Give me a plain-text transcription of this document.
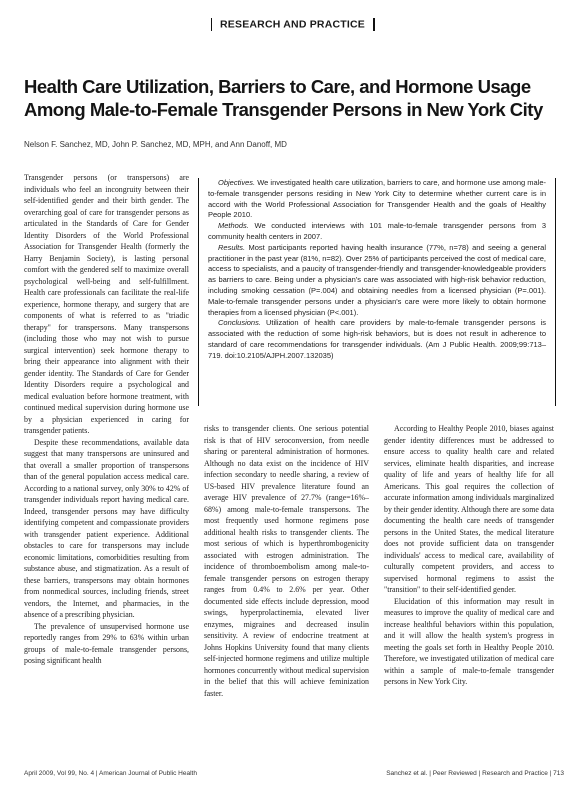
RESEARCH AND PRACTICE
Health Care Utilization, Barriers to Care, and Hormone Usage
Among Male-to-Female Transgender Persons in New York City
Nelson F. Sanchez, MD, John P. Sanchez, MD, MPH, and Ann Danoff, MD

Transgender persons (or transpersons) are individuals who feel an incongruity between their self-identified gender and their birth gender. The overarching goal of care for transgender persons as articulated in the Standards of Care for Gender Identity Disorders of the World Professional Association for Transgender Health (formerly the Harry Benjamin Society), is lasting personal comfort with the gendered self to maximize overall psychological well-being and self-fulfillment. Health care professionals can facilitate the real-life experience, hormone therapy, and surgery that are components of what is referred to as "triadic therapy" for transpersons. Many transpersons (including those who may not wish to pursue surgical intervention) seek hormone therapy to bring their appearance into alignment with their gender identity. The Standards of Care for Gender Identity Disorders require a psychological and medical evaluation before hormone treatment, with continued medical supervision during hormone use by a physician experienced in caring for transgender patients.

Despite these recommendations, available data suggest that many transpersons are uninsured and that overall a smaller proportion of transpersons than of the general population access medical care. According to a national survey, only 30% to 42% of transgender individuals report having medical care. Indeed, transgender persons may have difficulty identifying competent and compassionate providers with transgender patient experience. Additional obstacles to care for transpersons may include economic limitations, comorbidities resulting from substance abuse, and stigmatization. As a result of these barriers, transpersons may obtain hormones from nonmedical sources, including friends, street vendors, the Internet, and pharmacies, in the absence of a prescribing physician.

The prevalence of unsupervised hormone use reportedly ranges from 29% to 63% within urban groups of male-to-female transgender persons, posing significant health

Objectives. We investigated health care utilization, barriers to care, and hormone use among male-to-female transgender persons residing in New York City to determine whether current care is in accord with the World Professional Association for Transgender Health and the goals of Healthy People 2010.

Methods. We conducted interviews with 101 male-to-female transgender persons from 3 community health centers in 2007.

Results. Most participants reported having health insurance (77%, n=78) and seeing a general practitioner in the past year (81%, n=82). Over 25% of participants perceived the cost of medical care, access to specialists, and a paucity of transgender-friendly and transgender-knowledgeable providers as barriers to care. Being under a physician's care was associated with high-risk behavior reduction, including smoking cessation (P=.004) and obtaining needles from a licensed physician (P=.001). Male-to-female transgender persons under a physician's care were more likely to obtain hormone therapies from a licensed physician (P<.001).

Conclusions. Utilization of health care providers by male-to-female transgender persons is associated with the reduction of some high-risk behaviors, but is does not result in adherence to standard of care recommendations for transgender individuals. (Am J Public Health. 2009;99:713–719. doi:10.2105/AJPH.2007.132035)

risks to transgender clients. One serious potential risk is that of HIV seroconversion, from needle sharing or parenteral administration of hormones. Although no data exist on the incidence of HIV infection secondary to needle sharing, a review of US-based HIV prevalence literature found an average HIV prevalence of 27.7% (range=16%–68%) among male-to-female transpersons. The most frequently used hormone regimens pose additional health risks to transgender clients. The most serious of which is hyperthrombogenicity associated with estrogen administration. The incidence of thromboembolism among male-to-female transgender persons on estrogen therapy ranges from 0.4% to 2.6% per year. Other documented side effects include depression, mood swings, hyperprolactinemia, elevated liver enzymes, migraines and decreased insulin sensitivity. A review of endocrine treatment at Johns Hopkins University found that many clients self-injected hormone regimens and utilize multiple hormones concurrently without medical supervision in the belief that this will achieve feminization faster.

According to Healthy People 2010, biases against gender identity differences must be addressed to ensure access to quality health care and related services, eliminate health disparities, and increase quality of life and years of healthy life for all Americans. This goal requires the collection of accurate information among individuals marginalized by their gender identity. Although there are some data documenting the health care needs of transgender persons in the United States, the medical literature does not provide sufficient data on transgender individuals' access to medical care, availability of culturally competent providers, and access to supervised hormonal regimens to assist the "transition" to their self-identified gender.

Elucidation of this information may result in measures to improve the quality of medical care and increase healthful behaviors within this population, and it will allow the health system's progress in meeting the goals set forth in Healthy People 2010. Therefore, we investigated utilization of medical care within a sample of male-to-female transgender persons in New York City.

April 2009, Vol 99, No. 4 | American Journal of Public Health	Sanchez et al. | Peer Reviewed | Research and Practice | 713
